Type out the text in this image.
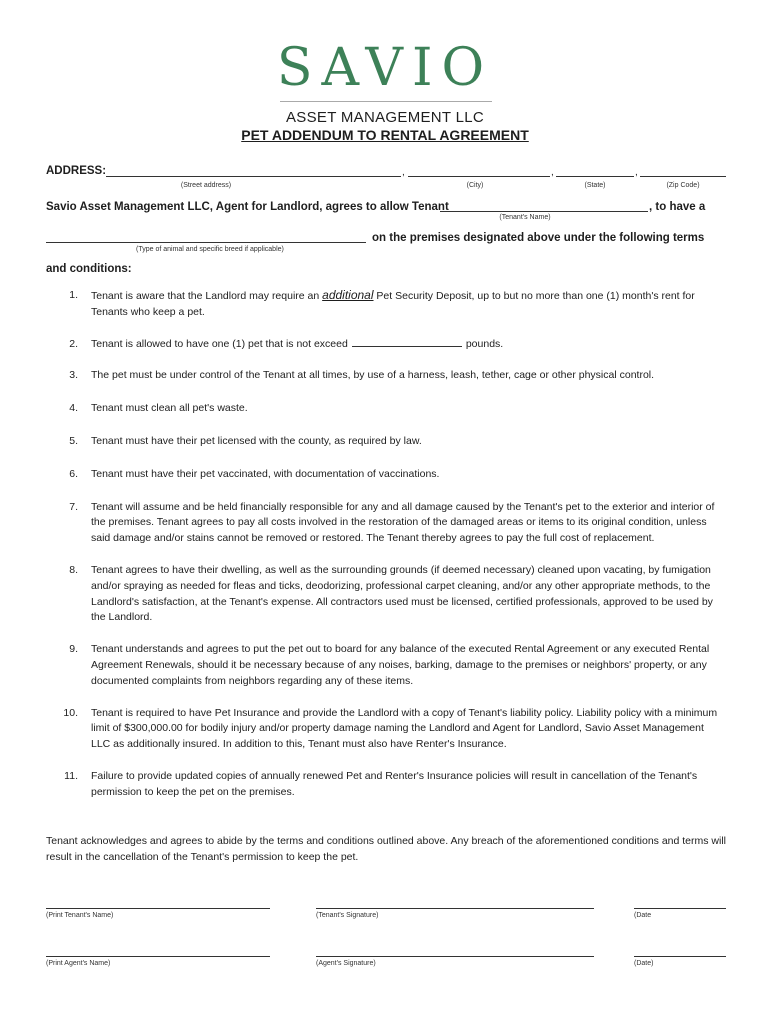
SAVIO
ASSET MANAGEMENT LLC
PET ADDENDUM TO RENTAL AGREEMENT
ADDRESS:	,	,	,
(Street address)	(City)	(State)	(Zip Code)
Savio Asset Management LLC, Agent for Landlord, agrees to allow Tenant	, to have a
(Tenant's Name)
on the premises designated above under the following terms
(Type of animal and specific breed if applicable)
and conditions:
1. Tenant is aware that the Landlord may require an additional Pet Security Deposit, up to but no more than one (1) month's rent for Tenants who keep a pet.
2. Tenant is allowed to have one (1) pet that is not exceed	pounds.
3. The pet must be under control of the Tenant at all times, by use of a harness, leash, tether, cage or other physical control.
4. Tenant must clean all pet's waste.
5. Tenant must have their pet licensed with the county, as required by law.
6. Tenant must have their pet vaccinated, with documentation of vaccinations.
7. Tenant will assume and be held financially responsible for any and all damage caused by the Tenant's pet to the exterior and interior of the premises. Tenant agrees to pay all costs involved in the restoration of the damaged areas or items to its original condition, unless said damage and/or stains cannot be removed or restored. The Tenant thereby agrees to pay the full cost of replacement.
8. Tenant agrees to have their dwelling, as well as the surrounding grounds (if deemed necessary) cleaned upon vacating, by fumigation and/or spraying as needed for fleas and ticks, deodorizing, professional carpet cleaning, and/or any other appropriate methods, to the Landlord's satisfaction, at the Tenant's expense. All contractors used must be licensed, certified professionals, approved to be used by the Landlord.
9. Tenant understands and agrees to put the pet out to board for any balance of the executed Rental Agreement or any executed Rental Agreement Renewals, should it be necessary because of any noises, barking, damage to the premises or neighbors' property, or any documented complaints from neighbors regarding any of these items.
10. Tenant is required to have Pet Insurance and provide the Landlord with a copy of Tenant's liability policy. Liability policy with a minimum limit of $300,000.00 for bodily injury and/or property damage naming the Landlord and Agent for Landlord, Savio Asset Management LLC as additionally insured. In addition to this, Tenant must also have Renter's Insurance.
11. Failure to provide updated copies of annually renewed Pet and Renter's Insurance policies will result in cancellation of the Tenant's permission to keep the pet on the premises.
Tenant acknowledges and agrees to abide by the terms and conditions outlined above. Any breach of the aforementioned conditions and terms will result in the cancellation of the Tenant's permission to keep the pet.
(Print Tenant's Name)	(Tenant's Signature)	(Date
(Print Agent's Name)	(Agent's Signature)	(Date)
